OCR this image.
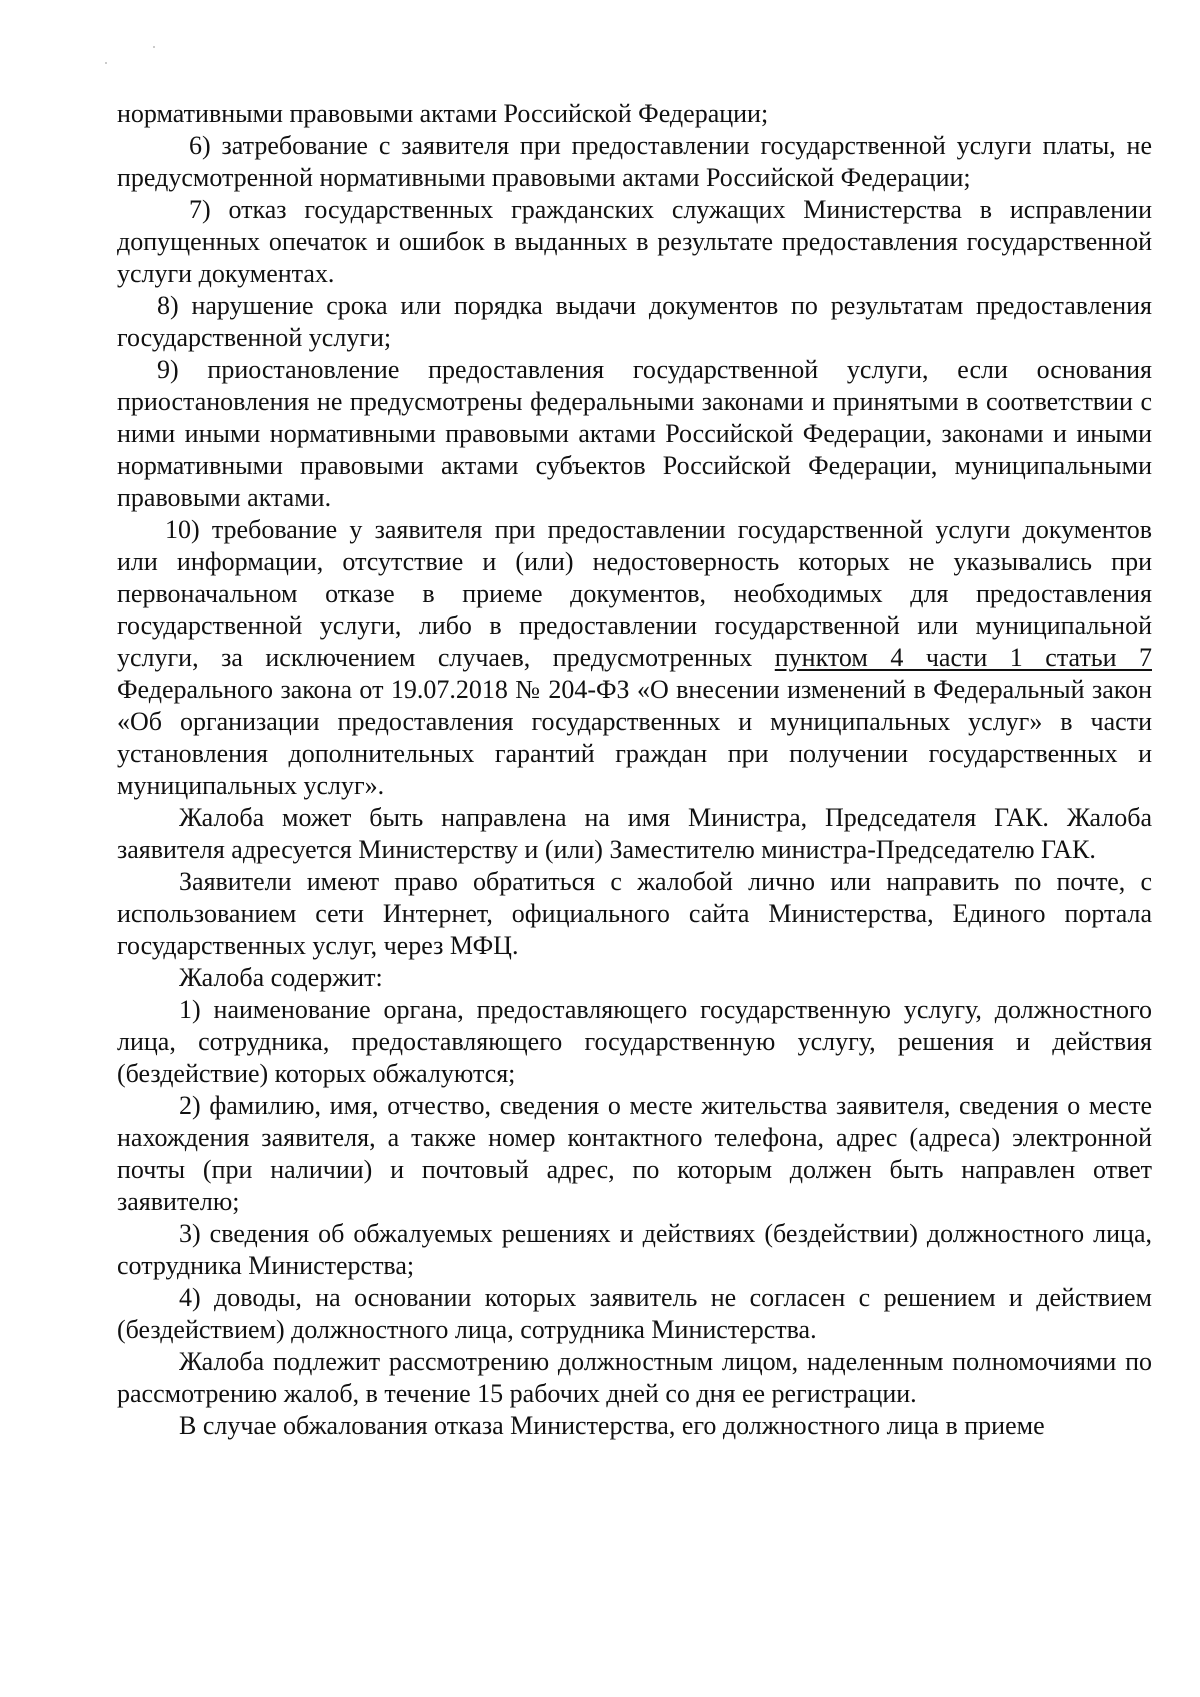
нормативными правовыми актами Российской Федерации;

6) затребование с заявителя при предоставлении государственной услуги платы, не предусмотренной нормативными правовыми актами Российской Федерации;

7) отказ государственных гражданских служащих Министерства в исправлении допущенных опечаток и ошибок в выданных в результате предоставления государственной услуги документах.

8) нарушение срока или порядка выдачи документов по результатам предоставления государственной услуги;

9) приостановление предоставления государственной услуги, если основания приостановления не предусмотрены федеральными законами и принятыми в соответствии с ними иными нормативными правовыми актами Российской Федерации, законами и иными нормативными правовыми актами субъектов Российской Федерации, муниципальными правовыми актами.

10) требование у заявителя при предоставлении государственной услуги документов или информации, отсутствие и (или) недостоверность которых не указывались при первоначальном отказе в приеме документов, необходимых для предоставления государственной услуги, либо в предоставлении государственной или муниципальной услуги, за исключением случаев, предусмотренных пунктом 4 части 1 статьи 7 Федерального закона от 19.07.2018 № 204-ФЗ «О внесении изменений в Федеральный закон «Об организации предоставления государственных и муниципальных услуг» в части установления дополнительных гарантий граждан при получении государственных и муниципальных услуг».

Жалоба может быть направлена на имя Министра, Председателя ГАК. Жалоба заявителя адресуется Министерству и (или) Заместителю министра-Председателю ГАК.

Заявители имеют право обратиться с жалобой лично или направить по почте, с использованием сети Интернет, официального сайта Министерства, Единого портала государственных услуг, через МФЦ.

Жалоба содержит:

1) наименование органа, предоставляющего государственную услугу, должностного лица, сотрудника, предоставляющего государственную услугу, решения и действия (бездействие) которых обжалуются;

2) фамилию, имя, отчество, сведения о месте жительства заявителя, сведения о месте нахождения заявителя, а также номер контактного телефона, адрес (адреса) электронной почты (при наличии) и почтовый адрес, по которым должен быть направлен ответ заявителю;

3) сведения об обжалуемых решениях и действиях (бездействии) должностного лица, сотрудника Министерства;

4) доводы, на основании которых заявитель не согласен с решением и действием (бездействием) должностного лица, сотрудника Министерства.

Жалоба подлежит рассмотрению должностным лицом, наделенным полномочиями по рассмотрению жалоб, в течение 15 рабочих дней со дня ее регистрации.

В случае обжалования отказа Министерства, его должностного лица в приеме
